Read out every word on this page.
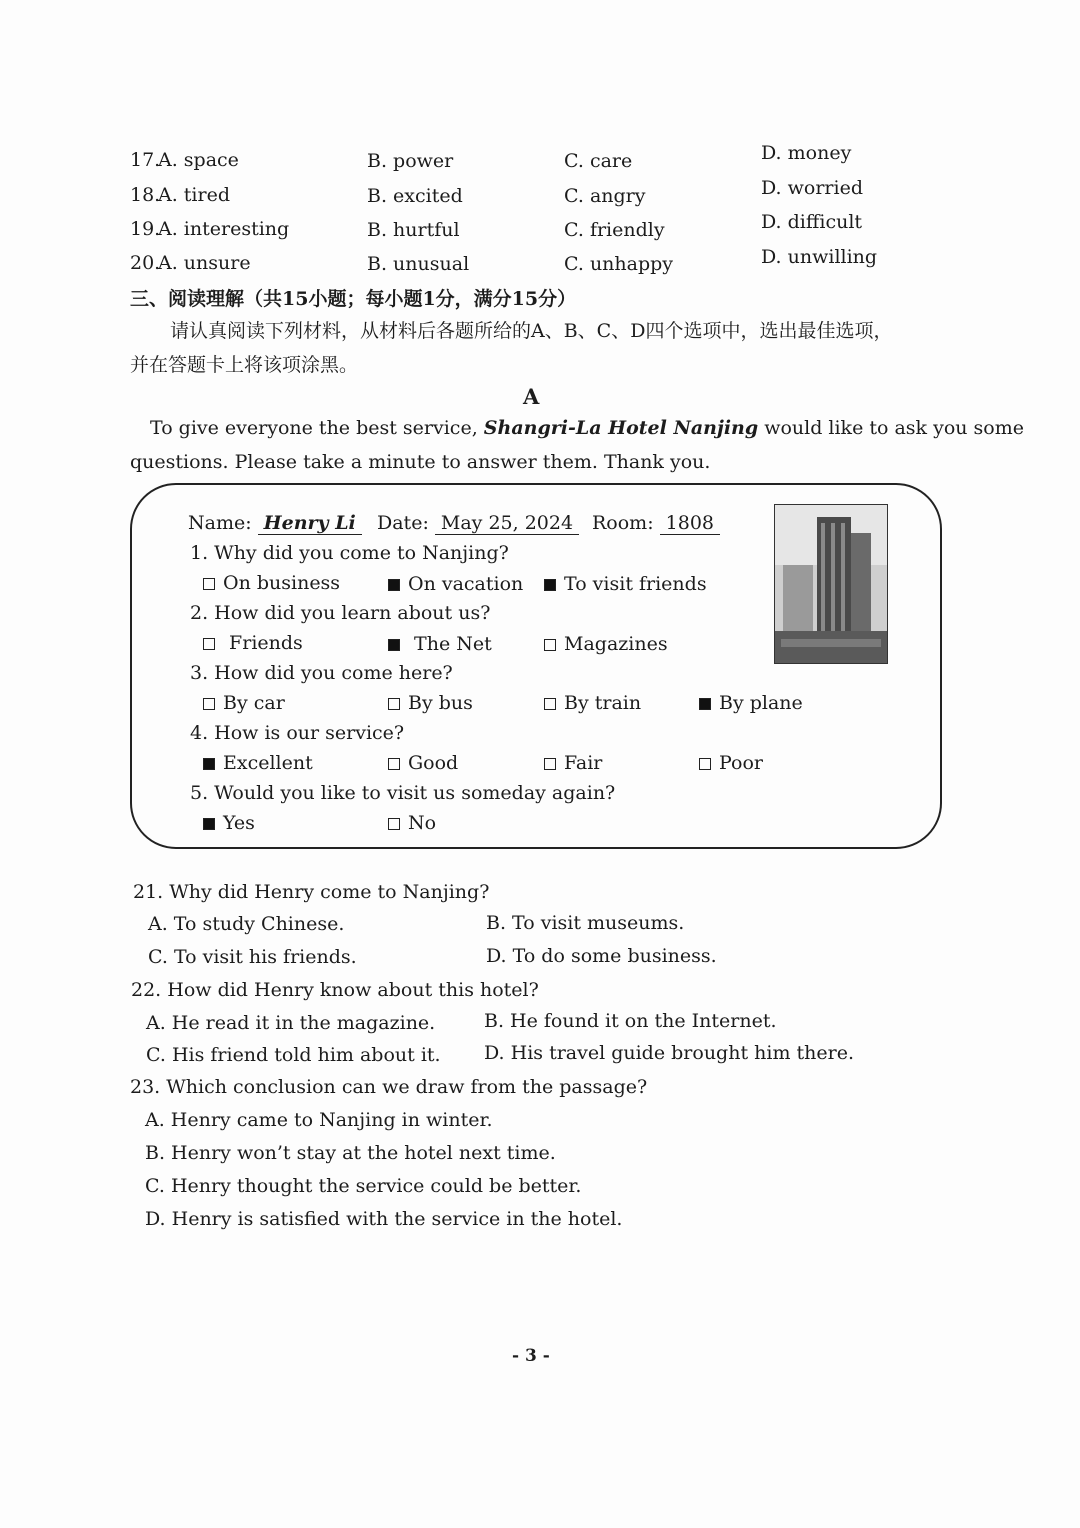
17.
A. space	B. power	C. care	D. money
18.
A. tired	B. excited	C. angry	D. worried
19.
A. interesting	B. hurtful	C. friendly	D. difficult
20.
A. unsure	B. unusual	C. unhappy	D. unwilling
三、阅读理解（共15小题；每小题1分，满分15分）
请认真阅读下列材料，从材料后各题所给的A、B、C、D四个选项中，选出最佳选项，
并在答题卡上将该项涂黑。
A
To give everyone the best service, Shangri-La Hotel Nanjing would like to ask you some
questions. Please take a minute to answer them. Thank you.
Name: Henry Li	Date: May 25, 2024 Room: 1808
1. Why did you come to Nanjing?
On business	On vacation	To visit friends
2. How did you learn about us?
Friends	The Net	Magazines
3. How did you come here?
By car	By bus	By train	By plane
4. How is our service?
Excellent	Good	Fair	Poor
5. Would you like to visit us someday again?
Yes	No
21. Why did Henry come to Nanjing?
A. To study Chinese.	B. To visit museums.
C. To visit his friends.	D. To do some business.
22. How did Henry know about this hotel?
A. He read it in the magazine.	B. He found it on the Internet.
C. His friend told him about it. D. His travel guide brought him there.
23. Which conclusion can we draw from the passage?
A. Henry came to Nanjing in winter.
B. Henry won’t stay at the hotel next time.
C. Henry thought the service could be better.
D. Henry is satisfied with the service in the hotel.
- 3 -
